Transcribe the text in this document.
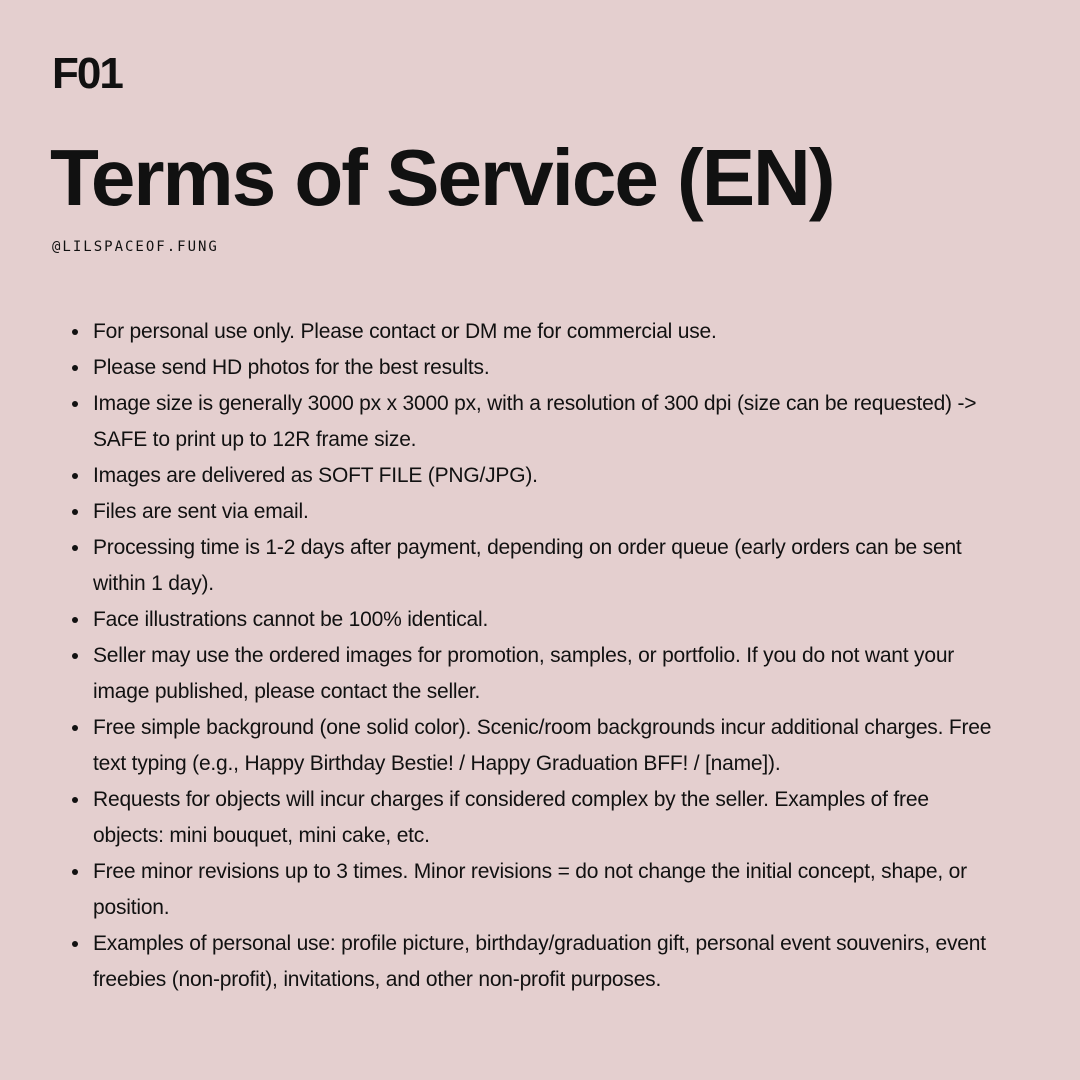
F01
Terms of Service (EN)
@LILSPACEOF.FUNG
For personal use only. Please contact or DM me for commercial use.
Please send HD photos for the best results.
Image size is generally 3000 px x 3000 px, with a resolution of 300 dpi (size can be requested) -> SAFE to print up to 12R frame size.
Images are delivered as SOFT FILE (PNG/JPG).
Files are sent via email.
Processing time is 1-2 days after payment, depending on order queue (early orders can be sent within 1 day).
Face illustrations cannot be 100% identical.
Seller may use the ordered images for promotion, samples, or portfolio. If you do not want your image published, please contact the seller.
Free simple background (one solid color). Scenic/room backgrounds incur additional charges. Free text typing (e.g., Happy Birthday Bestie! / Happy Graduation BFF! / [name]).
Requests for objects will incur charges if considered complex by the seller. Examples of free objects: mini bouquet, mini cake, etc.
Free minor revisions up to 3 times. Minor revisions = do not change the initial concept, shape, or position.
Examples of personal use: profile picture, birthday/graduation gift, personal event souvenirs, event freebies (non-profit), invitations, and other non-profit purposes.
